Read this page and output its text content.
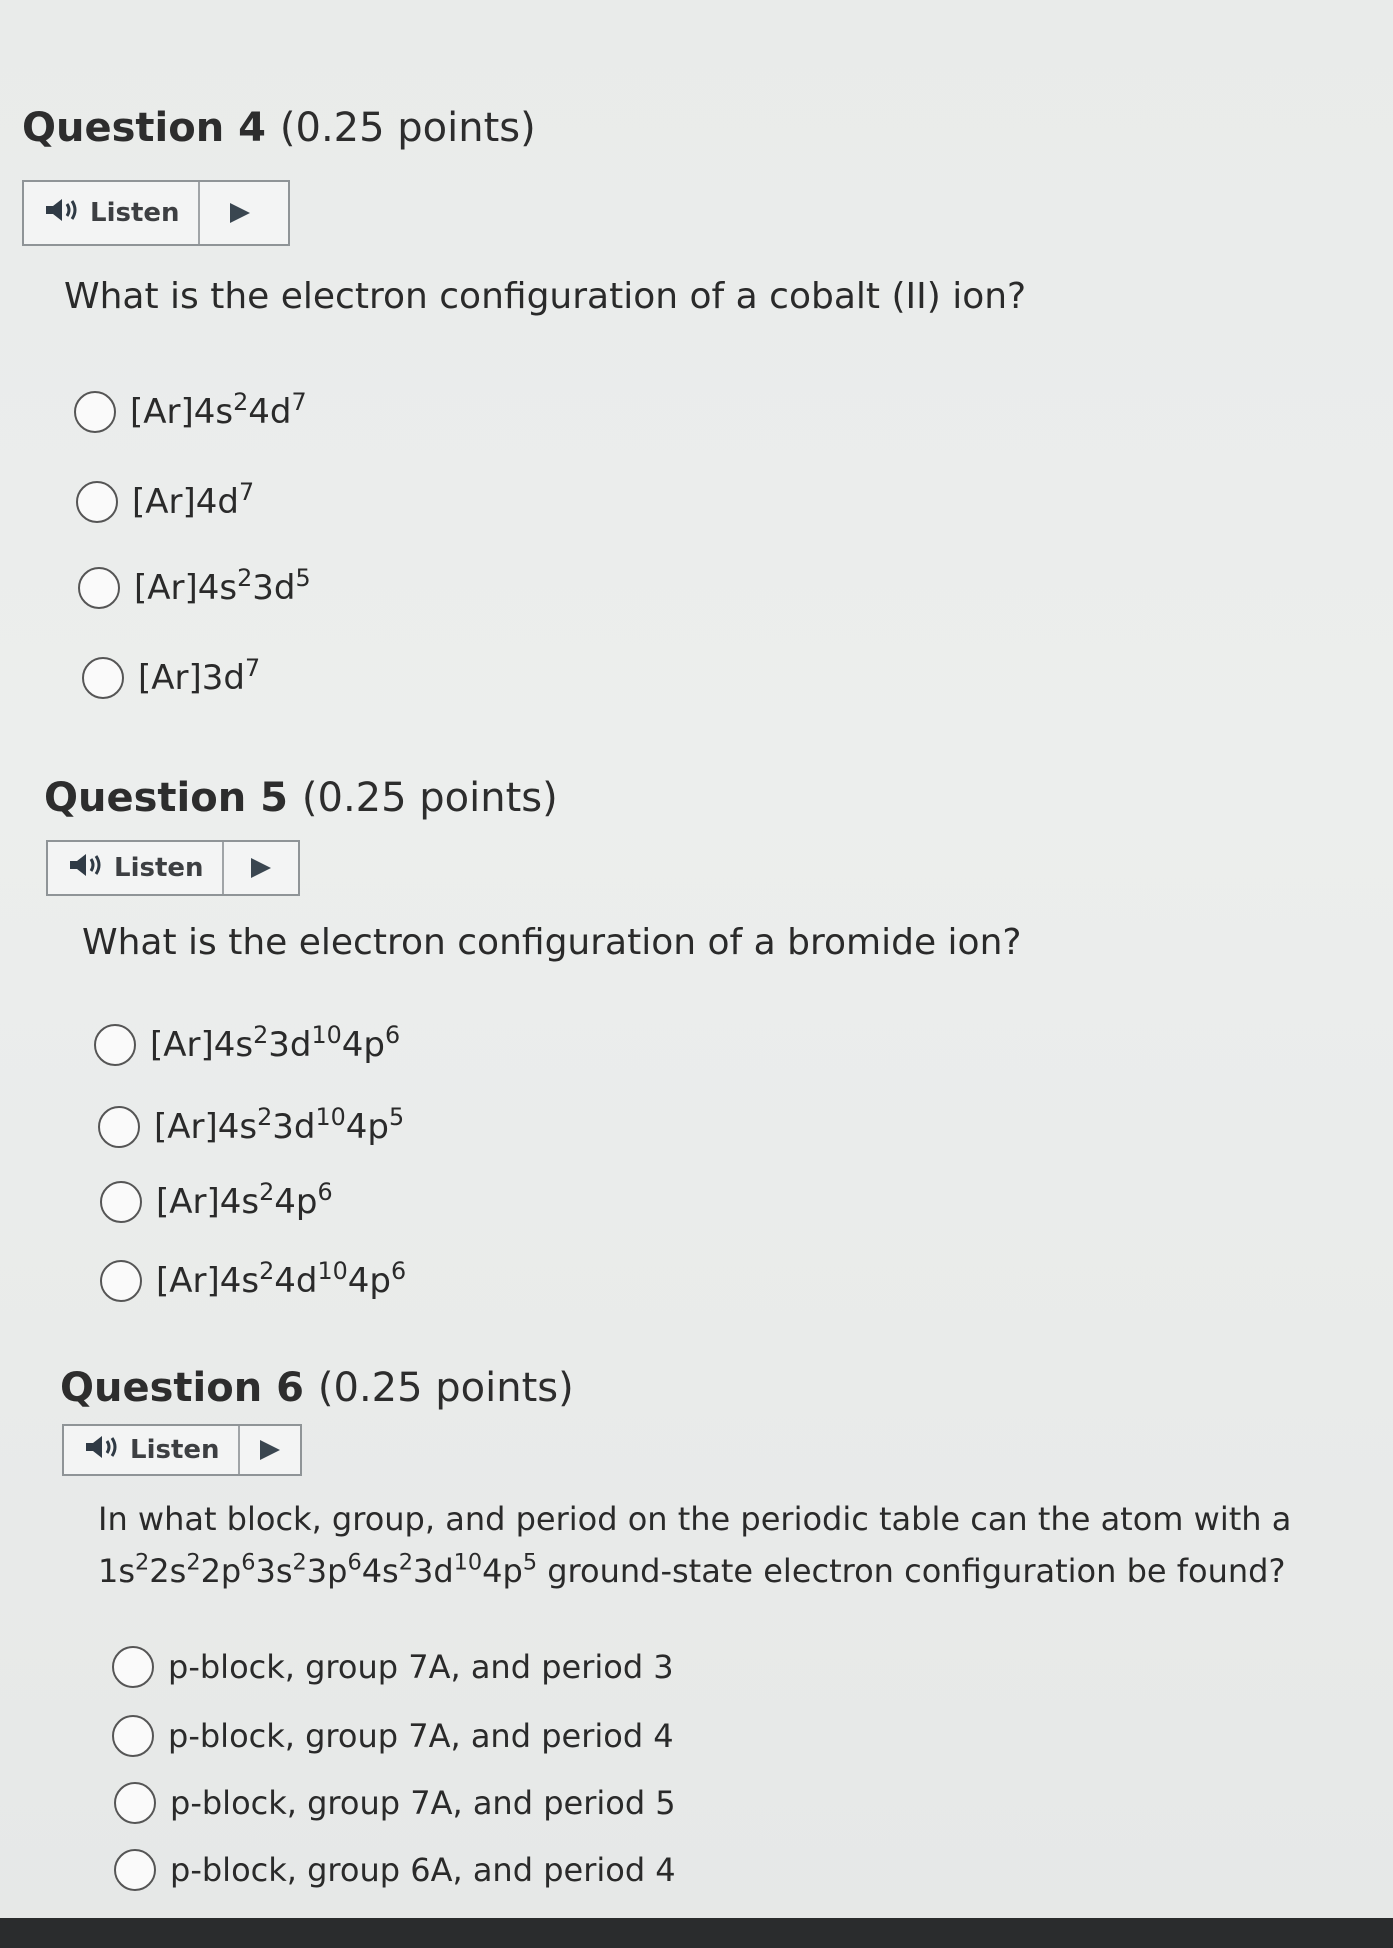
Question 4 (0.25 points)
Listen
What is the electron configuration of a cobalt (II) ion?
$[Ar]4s^24d^7$
$[Ar]4d^7$
$[Ar]4s^23d^5$
$[Ar]3d^7$
Question 5 (0.25 points)
Listen
What is the electron configuration of a bromide ion?
$[Ar]4s^23d^{10}4p^6$
$[Ar]4s^23d^{10}4p^5$
$[Ar]4s^24p^6$
$[Ar]4s^24d^{10}4p^6$
Question 6 (0.25 points)
Listen
In what block, group, and period on the periodic table can the atom with a
$1s^22s^22p^63s^23p^64s^23d^{10}4p^5$ ground-state electron configuration be found?
p-block, group 7A, and period 3
p-block, group 7A, and period 4
p-block, group 7A, and period 5
p-block, group 6A, and period 4
